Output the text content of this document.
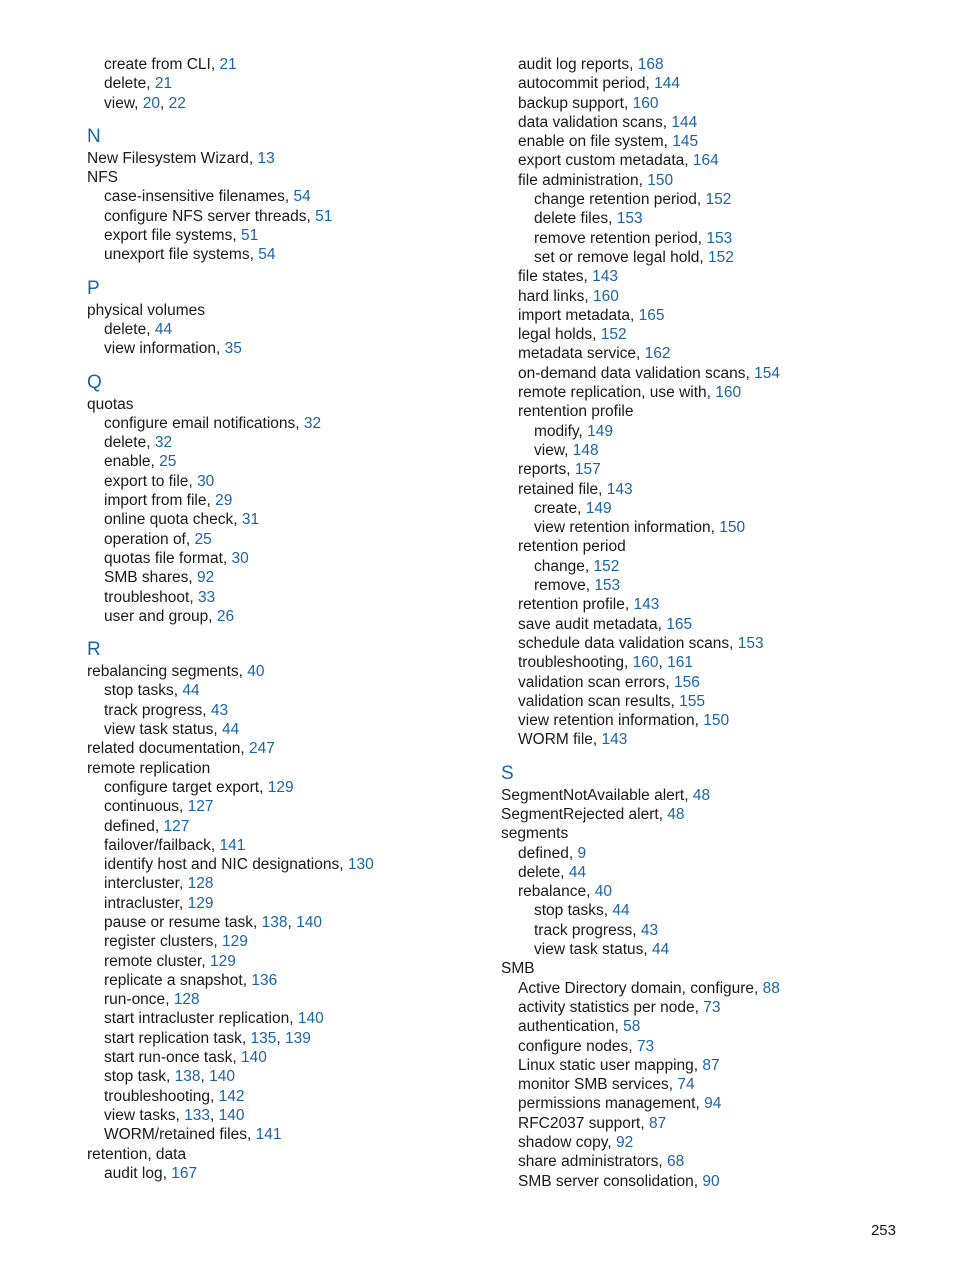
create from CLI, 21
delete, 21
view, 20, 22
N
New Filesystem Wizard, 13
NFS
case-insensitive filenames, 54
configure NFS server threads, 51
export file systems, 51
unexport file systems, 54
P
physical volumes
delete, 44
view information, 35
Q
quotas
configure email notifications, 32
delete, 32
enable, 25
export to file, 30
import from file, 29
online quota check, 31
operation of, 25
quotas file format, 30
SMB shares, 92
troubleshoot, 33
user and group, 26
R
rebalancing segments, 40
stop tasks, 44
track progress, 43
view task status, 44
related documentation, 247
remote replication
configure target export, 129
continuous, 127
defined, 127
failover/failback, 141
identify host and NIC designations, 130
intercluster, 128
intracluster, 129
pause or resume task, 138, 140
register clusters, 129
remote cluster, 129
replicate a snapshot, 136
run-once, 128
start intracluster replication, 140
start replication task, 135, 139
start run-once task, 140
stop task, 138, 140
troubleshooting, 142
view tasks, 133, 140
WORM/retained files, 141
retention, data
audit log, 167
audit log reports, 168
autocommit period, 144
backup support, 160
data validation scans, 144
enable on file system, 145
export custom metadata, 164
file administration, 150
change retention period, 152
delete files, 153
remove retention period, 153
set or remove legal hold, 152
file states, 143
hard links, 160
import metadata, 165
legal holds, 152
metadata service, 162
on-demand data validation scans, 154
remote replication, use with, 160
rentention profile
modify, 149
view, 148
reports, 157
retained file, 143
create, 149
view retention information, 150
retention period
change, 152
remove, 153
retention profile, 143
save audit metadata, 165
schedule data validation scans, 153
troubleshooting, 160, 161
validation scan errors, 156
validation scan results, 155
view retention information, 150
WORM file, 143
S
SegmentNotAvailable alert, 48
SegmentRejected alert, 48
segments
defined, 9
delete, 44
rebalance, 40
stop tasks, 44
track progress, 43
view task status, 44
SMB
Active Directory domain, configure, 88
activity statistics per node, 73
authentication, 58
configure nodes, 73
Linux static user mapping, 87
monitor SMB services, 74
permissions management, 94
RFC2037 support, 87
shadow copy, 92
share administrators, 68
SMB server consolidation, 90
253
